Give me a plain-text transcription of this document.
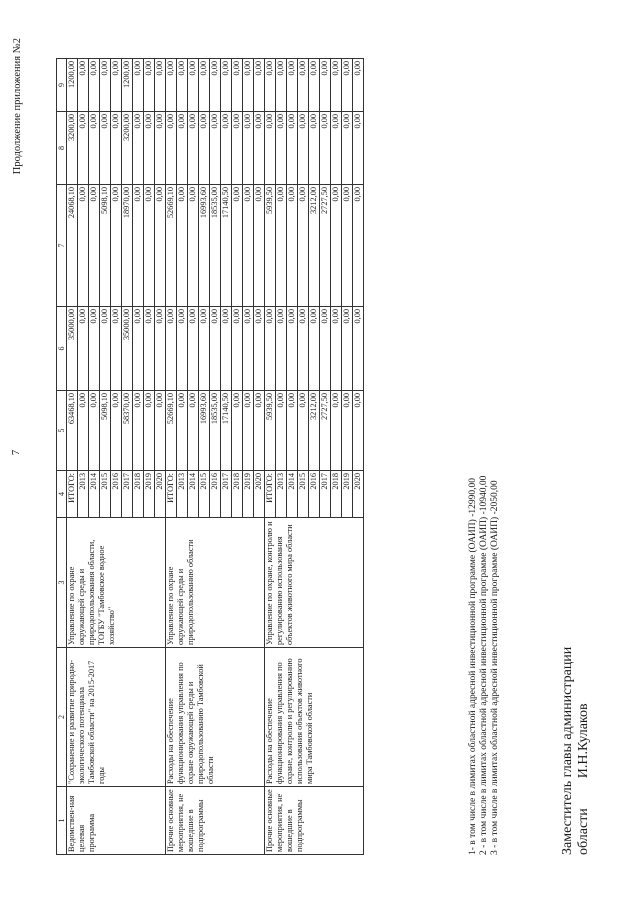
7
Продолжение приложения №2
1	2	3	4	5	6	7	8	9
Ведомствен-ная целевая программа	"Сохранение и развитие природно-экологического потенциала Тамбовской области" на 2015-2017 годы	Управление по охране окружающей среды и природопользования области, ТОГБУ "Тамбовское водное хозяйство"	ИТОГО:	63468,10	35000,00	24068,10	3200,00	1200,00
			2013	0,00	0,00	0,00	0,00	0,00
			2014	0,00	0,00	0,00	0,00	0,00
			2015	5098,10	0,00	5098,10	0,00	0,00
			2016	0,00	0,00	0,00	0,00	0,00
			2017	58370,00	35000,00	18970,00	3200,00	1200,00
			2018	0,00	0,00	0,00	0,00	0,00
			2019	0,00	0,00	0,00	0,00	0,00
			2020	0,00	0,00	0,00	0,00	0,00
Прочие основные мероприятия, не вошедшие в подпрограммы	Расходы на обеспечение функционирования управления по охране окружающей среды и природопользованию Тамбовской области	Управление по охране окружающей среды и природопользованию области	ИТОГО:	52669,10	0,00	52669,10	0,00	0,00
			2013	0,00	0,00	0,00	0,00	0,00
			2014	0,00	0,00	0,00	0,00	0,00
			2015	16993,60	0,00	16993,60	0,00	0,00
			2016	18535,00	0,00	18535,00	0,00	0,00
			2017	17140,50	0,00	17140,50	0,00	0,00
			2018	0,00	0,00	0,00	0,00	0,00
			2019	0,00	0,00	0,00	0,00	0,00
			2020	0,00	0,00	0,00	0,00	0,00
Прочие основные мероприятия, не вошедшие в подпрограммы	Расходы на обеспечение функционирования управления по охране, контролю и регулированию использования объектов животного мира Тамбовской области	Управление по охране, контролю и регулированию использования объектов животного мира области	ИТОГО:	5939,50	0,00	5939,50	0,00	0,00
			2013	0,00	0,00	0,00	0,00	0,00
			2014	0,00	0,00	0,00	0,00	0,00
			2015	0,00	0,00	0,00	0,00	0,00
			2016	3212,00	0,00	3212,00	0,00	0,00
			2017	2727,50	0,00	2727,50	0,00	0,00
			2018	0,00	0,00	0,00	0,00	0,00
			2019	0,00	0,00	0,00	0,00	0,00
			2020	0,00	0,00	0,00	0,00	0,00
1- в том числе в лимитах областной адресной инвестиционной программе (ОАИП) -12990,00 2 - в том числе в лимитах областной адресной инвестиционной программе (ОАИП) -10940,00 3 - в том числе в лимитах областной адресной инвестиционной программе (ОАИП) -2050,00	Заместитель главы администрации областиИ.Н.Кулаков
